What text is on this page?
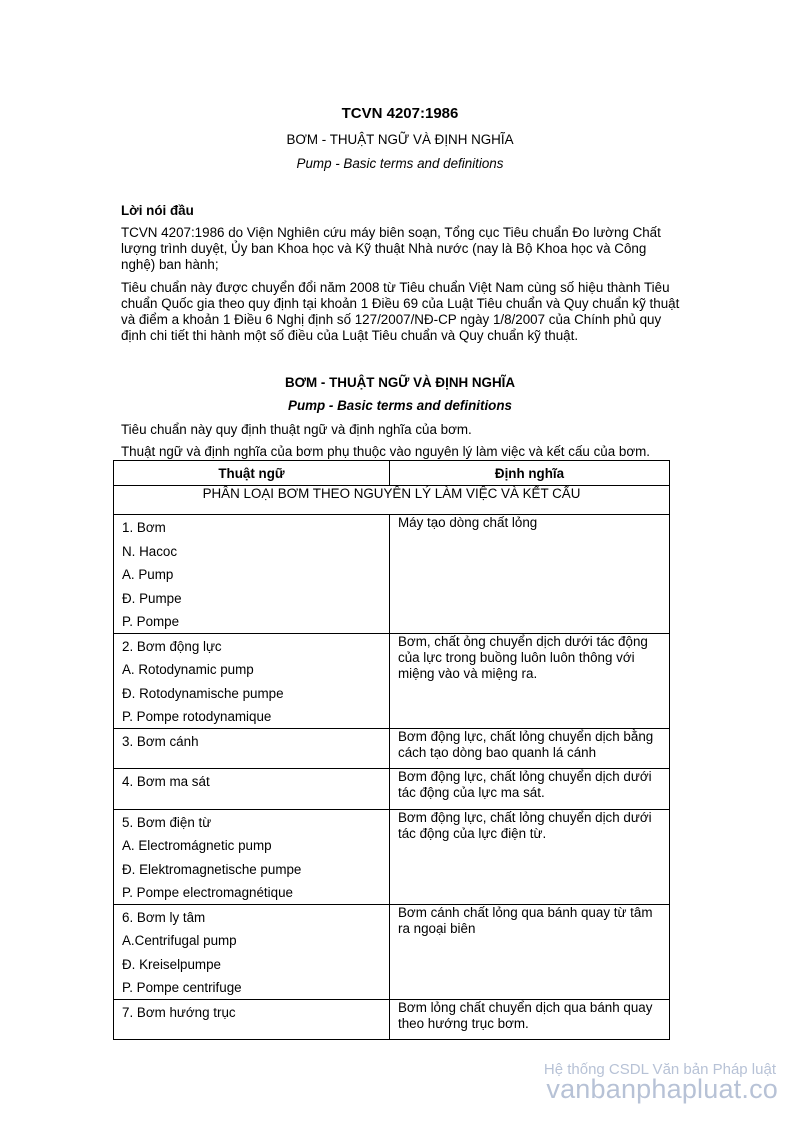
TCVN 4207:1986
BƠM - THUẬT NGỮ VÀ ĐỊNH NGHĨA
Pump - Basic terms and definitions
Lời nói đầu
TCVN 4207:1986 do Viện Nghiên cứu máy biên soạn, Tổng cục Tiêu chuẩn Đo lường Chất lượng trình duyệt, Ủy ban Khoa học và Kỹ thuật Nhà nước (nay là Bộ Khoa học và Công nghệ) ban hành;
Tiêu chuẩn này được chuyển đổi năm 2008 từ Tiêu chuẩn Việt Nam cùng số hiệu thành Tiêu chuẩn Quốc gia theo quy định tại khoản 1 Điều 69 của Luật Tiêu chuẩn và Quy chuẩn kỹ thuật và điểm a khoản 1 Điều 6 Nghị định số 127/2007/NĐ-CP ngày 1/8/2007 của Chính phủ quy định chi tiết thi hành một số điều của Luật Tiêu chuẩn và Quy chuẩn kỹ thuật.
BƠM - THUẬT NGỮ VÀ ĐỊNH NGHĨA
Pump - Basic terms and definitions
Tiêu chuẩn này quy định thuật ngữ và định nghĩa của bơm.
Thuật ngữ và định nghĩa của bơm phụ thuộc vào nguyên lý làm việc và kết cấu của bơm.
Thuật ngữ	Định nghĩa
PHÂN LOẠI BƠM THEO NGUYÊN LÝ LÀM VIỆC VÀ KẾT CẤU	

1. Bơm
N. Hacoc
A. Pump
Đ. Pumpe
P. Pompe	Máy tạo dòng chất lỏng

2. Bơm động lực
A. Rotodynamic pump
Đ. Rotodynamische pumpe
P. Pompe rotodynamique	Bơm, chất ỏng chuyển dịch dưới tác động của lực trong buồng luôn luôn thông với miệng vào và miệng ra.

3. Bơm cánh	Bơm động lực, chất lỏng chuyển dịch bằng cách tạo dòng bao quanh lá cánh

4. Bơm ma sát	Bơm động lực, chất lỏng chuyển dịch dưới tác động của lực ma sát.

5. Bơm điện từ
A. Electromágnetic pump
Đ. Elektromagnetische pumpe
P. Pompe electromagnétique	Bơm động lực, chất lỏng chuyển dịch dưới tác động của lực điện từ.

6. Bơm ly tâm
A.Centrifugal pump
Đ. Kreiselpumpe
P. Pompe centrifuge	Bơm cánh chất lỏng qua bánh quay từ tâm ra ngoại biên

7. Bơm hướng trục	Bơm lỏng chất chuyển dịch qua bánh quay theo hướng trục bơm.
Hệ thống CSDL Văn bản Pháp luật
vanbanphapluat.co
